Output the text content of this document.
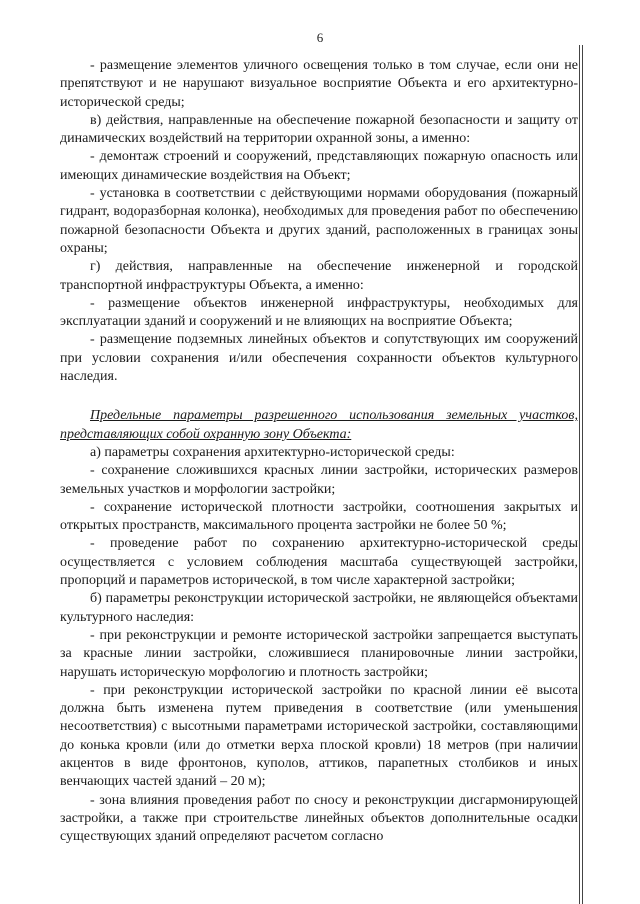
6

- размещение элементов уличного освещения только в том случае, если они не препятствуют и не нарушают визуальное восприятие Объекта и его архитектурно-исторической среды;

в) действия, направленные на обеспечение пожарной безопасности и защиту от динамических воздействий на территории охранной зоны, а именно:

- демонтаж строений и сооружений, представляющих пожарную опасность или имеющих динамические воздействия на Объект;

- установка в соответствии с действующими нормами оборудования (пожарный гидрант, водоразборная колонка), необходимых для проведения работ по обеспечению пожарной безопасности Объекта и других зданий, расположенных в границах зоны охраны;

г) действия, направленные на обеспечение инженерной и городской транспортной инфраструктуры Объекта, а именно:

- размещение объектов инженерной инфраструктуры, необходимых для эксплуатации зданий и сооружений и не влияющих на восприятие Объекта;

- размещение подземных линейных объектов и сопутствующих им сооружений при условии сохранения и/или обеспечения сохранности объектов культурного наследия.

Предельные параметры разрешенного использования земельных участков, представляющих собой охранную зону Объекта:

а) параметры сохранения архитектурно-исторической среды:

- сохранение сложившихся красных линии застройки, исторических размеров земельных участков и морфологии застройки;

- сохранение исторической плотности застройки, соотношения закрытых и открытых пространств, максимального процента застройки не более 50 %;

- проведение работ по сохранению архитектурно-исторической среды осуществляется с условием соблюдения масштаба существующей застройки, пропорций и параметров исторической, в том числе характерной застройки;

б) параметры реконструкции исторической застройки, не являющейся объектами культурного наследия:

- при реконструкции и ремонте исторической застройки запрещается выступать за красные линии застройки, сложившиеся планировочные линии застройки, нарушать историческую морфологию и плотность застройки;

- при реконструкции исторической застройки по красной линии её высота должна быть изменена путем приведения в соответствие (или уменьшения несоответствия) с высотными параметрами исторической застройки, составляющими до конька кровли (или до отметки верха плоской кровли) 18 метров (при наличии акцентов в виде фронтонов, куполов, аттиков, парапетных столбиков и иных венчающих частей зданий – 20 м);

- зона влияния проведения работ по сносу и реконструкции дисгармонирующей застройки, а также при строительстве линейных объектов дополнительные осадки существующих зданий определяют расчетом согласно
